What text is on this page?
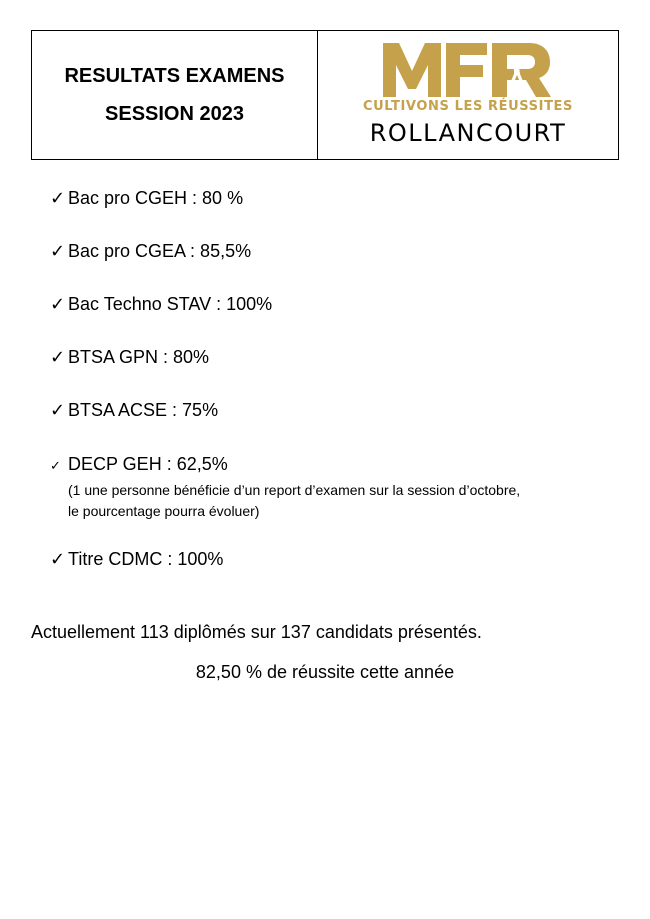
RESULTATS EXAMENS
SESSION 2023	CULTIVONS LES RÉUSSITES
ROLLANCOURT
✓ Bac pro CGEH : 80 %
✓ Bac pro CGEA : 85,5%
✓ Bac Techno STAV : 100%
✓ BTSA GPN : 80%
✓ BTSA ACSE : 75%
✓ DECP GEH : 62,5%
(1 une personne bénéficie d’un report d’examen sur la session d’octobre,
le pourcentage pourra évoluer)
✓ Titre CDMC : 100%
Actuellement 113 diplômés sur 137 candidats présentés.
82,50 % de réussite cette année
